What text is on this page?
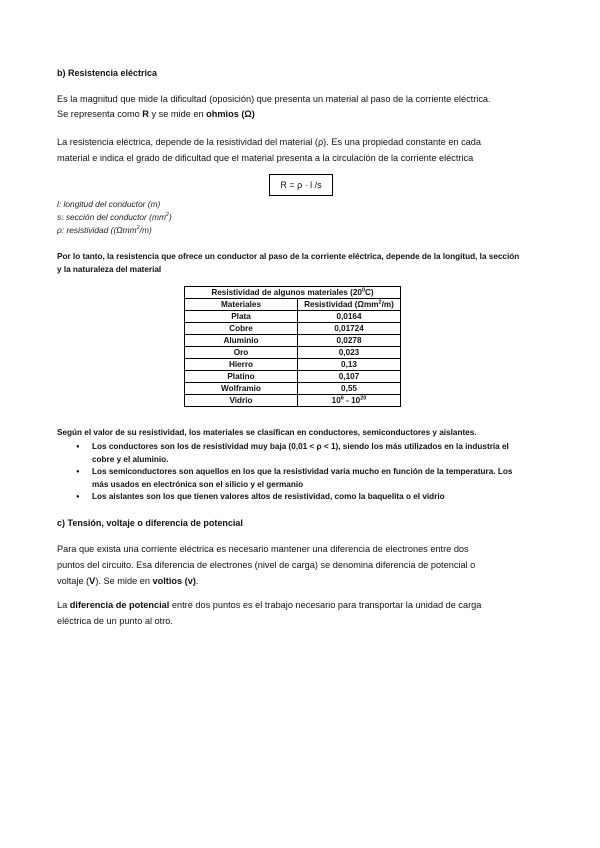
b) Resistencia eléctrica
Es la magnitud que mide la dificultad (oposición) que presenta un material al paso de la corriente eléctrica.
Se representa como R y se mide en ohmios (Ω)
La resistencia eléctrica, depende de la resistividad del material (ρ). Es una propiedad constante en cada
material e indica el grado de dificultad que el material presenta a la circulación de la corriente eléctrica
R = ρ · l /s
l: longitud del conductor (m)
s: sección del conductor $(mm^2)$
ρ: resistividad ((Ωmm$^2$/m)
Por lo tanto, la resistencia que ofrece un conductor al paso de la corriente eléctrica, depende de la longitud, la sección
y la naturaleza del material
Resistividad de algunos materiales $(20^0C)$	
Materiales	Resistividad (Ωmm$^2$/m)
Plata	0,0164
Cobre	0,01724
Aluminio	0,0278
Oro	0,023
Hierro	0,13
Platino	0,107
Wolframio	0,55
Vidrio	$10^6 - 10^{20}$
Según el valor de su resistividad, los materiales se clasifican en conductores, semiconductores y aislantes.
● Los conductores son los de resistividad muy baja (0,01 < ρ < 1), siendo los más utilizados en la industria el cobre y el aluminio.
● Los semiconductores son aquellos en los que la resistividad varía mucho en función de la temperatura. Los más usados en electrónica son el silicio y el germanio
● Los aislantes son los que tienen valores altos de resistividad, como la baquelita o el vidrio
c) Tensión, voltaje o diferencia de potencial
Para que exista una corriente eléctrica es necesario mantener una diferencia de electrones entre dos
puntos del circuito. Esa diferencia de electrones (nivel de carga) se denomina diferencia de potencial o
voltaje (V). Se mide en voltios (v).
La diferencia de potencial entre dos puntos es el trabajo necesario para transportar la unidad de carga
eléctrica de un punto al otro.
